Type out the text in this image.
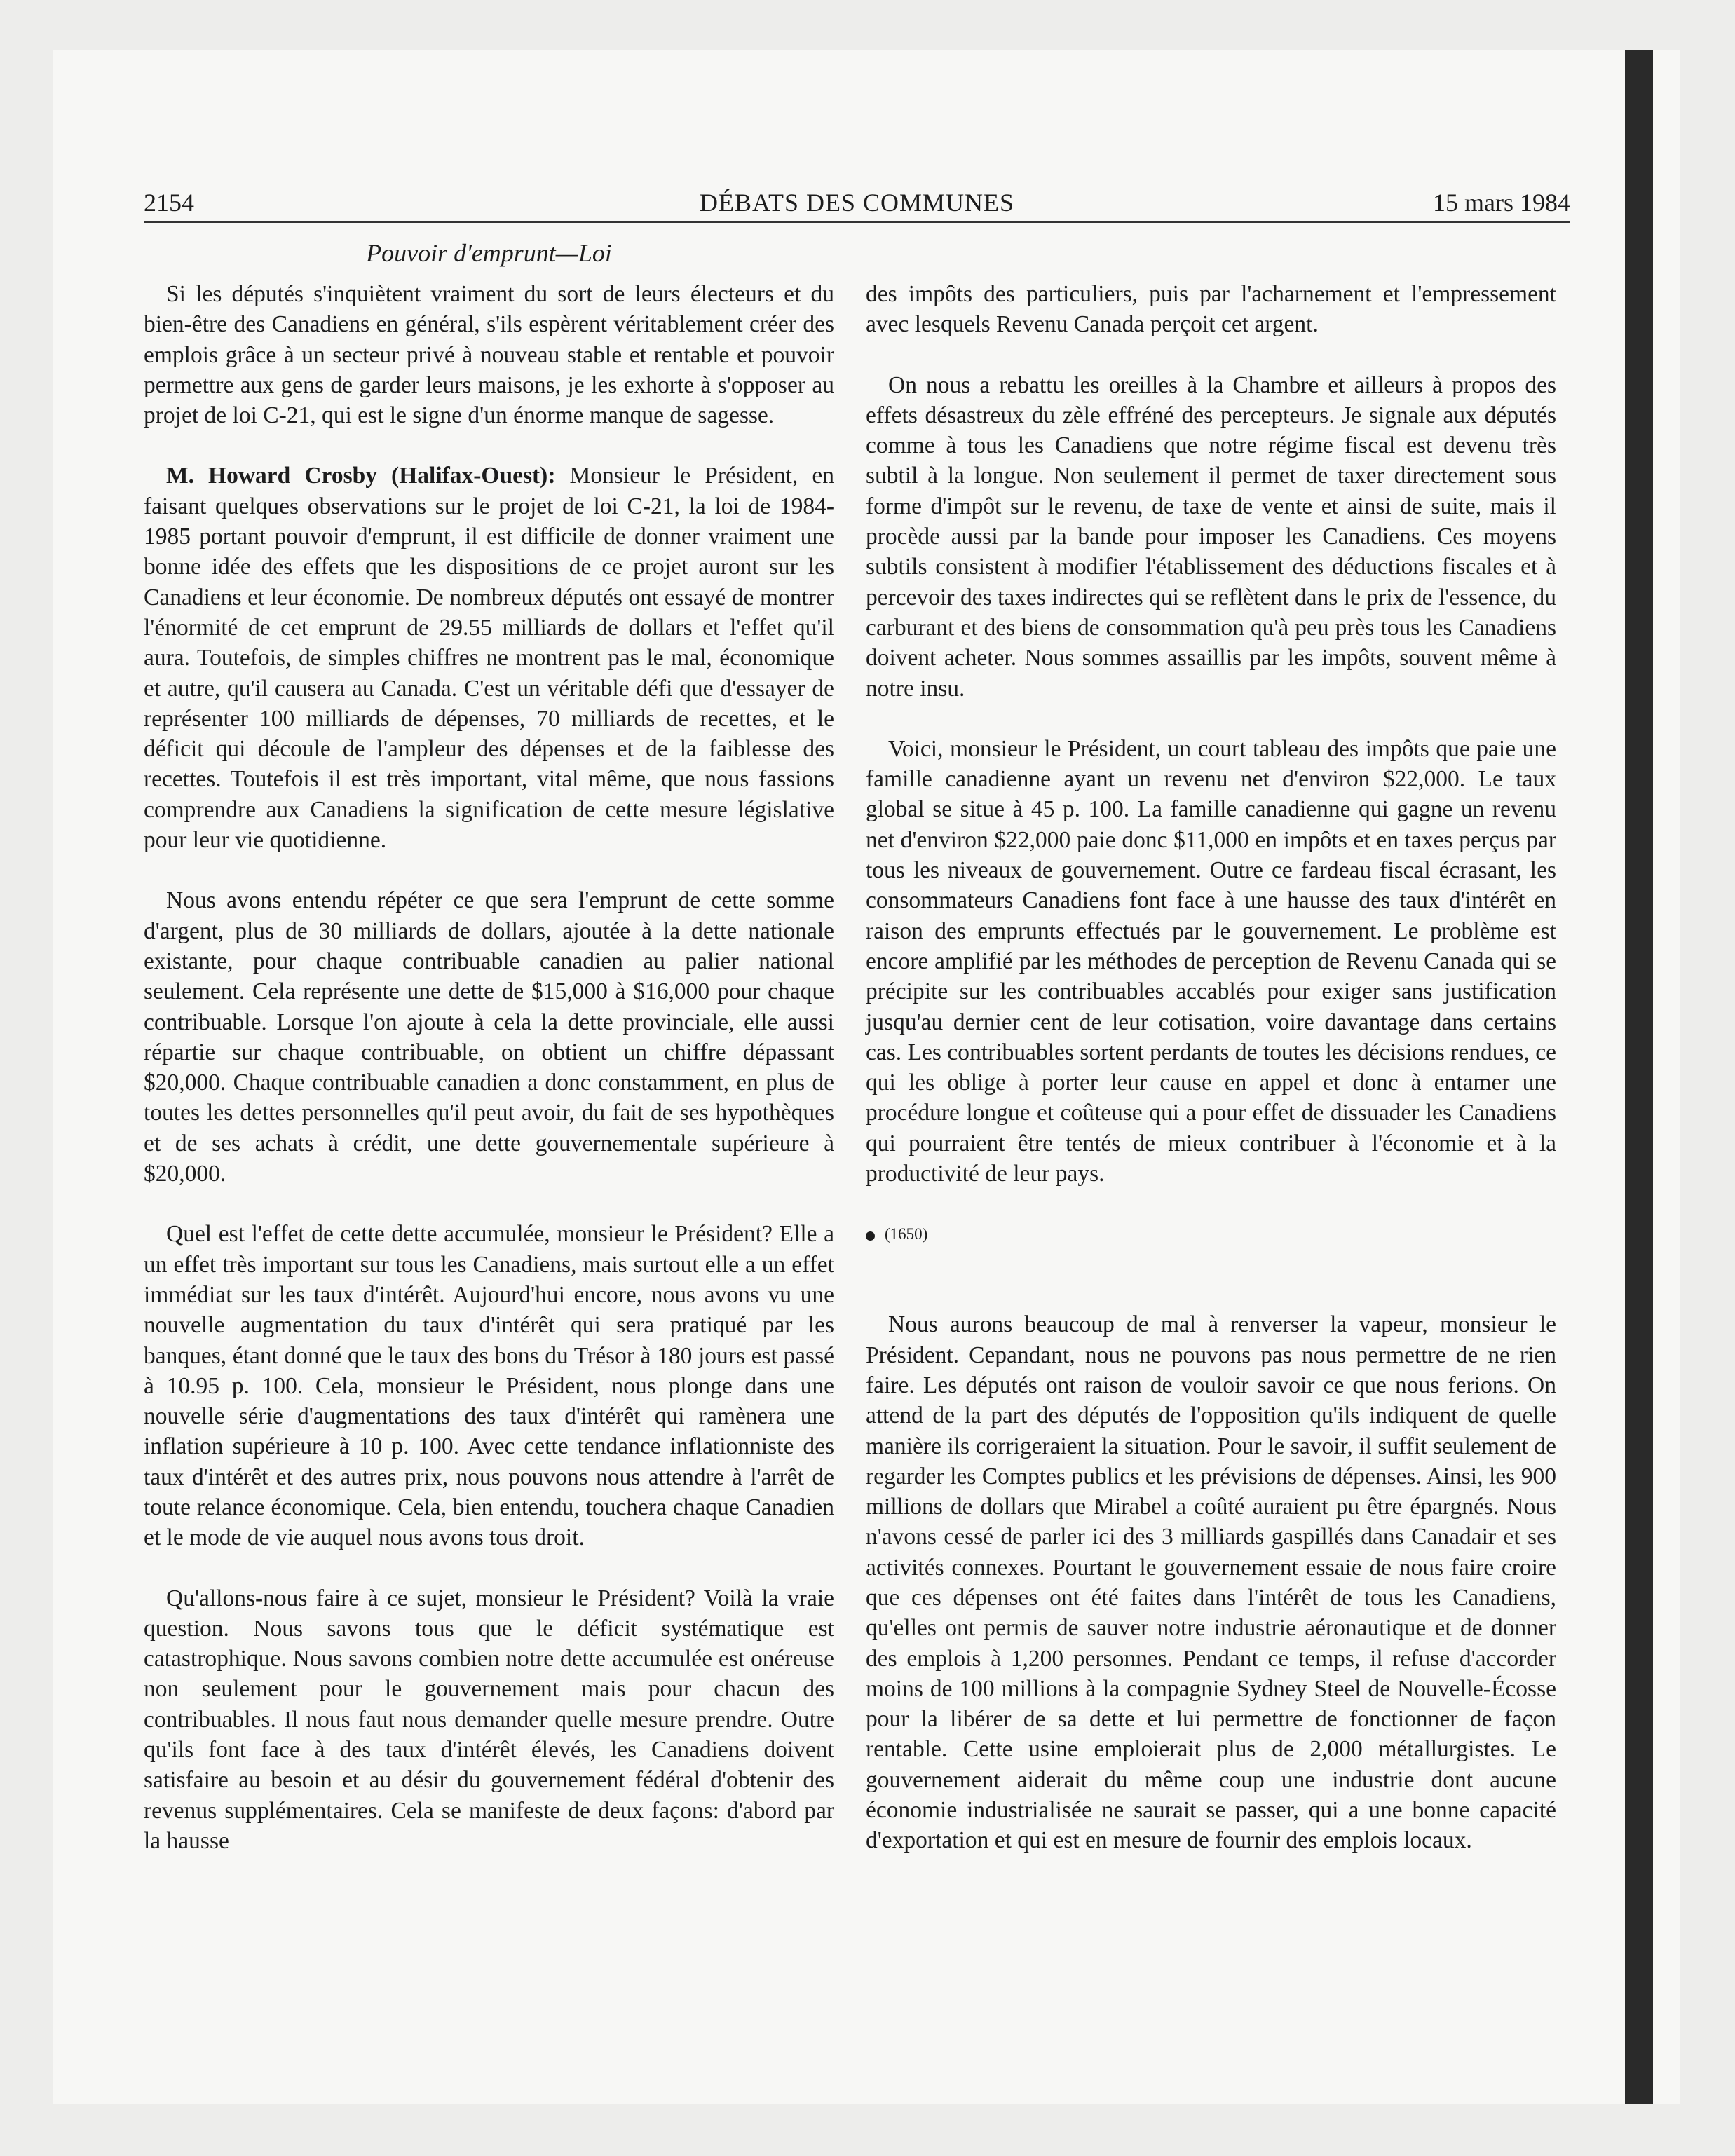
2154	DÉBATS DES COMMUNES	15 mars 1984
Pouvoir d'emprunt—Loi

Si les députés s'inquiètent vraiment du sort de leurs électeurs et du bien-être des Canadiens en général, s'ils espèrent véritablement créer des emplois grâce à un secteur privé à nouveau stable et rentable et pouvoir permettre aux gens de garder leurs maisons, je les exhorte à s'opposer au projet de loi C-21, qui est le signe d'un énorme manque de sagesse.

M. Howard Crosby (Halifax-Ouest): Monsieur le Président, en faisant quelques observations sur le projet de loi C-21, la loi de 1984-1985 portant pouvoir d'emprunt, il est difficile de donner vraiment une bonne idée des effets que les dispositions de ce projet auront sur les Canadiens et leur économie. De nombreux députés ont essayé de montrer l'énormité de cet emprunt de 29.55 milliards de dollars et l'effet qu'il aura. Toutefois, de simples chiffres ne montrent pas le mal, économique et autre, qu'il causera au Canada. C'est un véritable défi que d'essayer de représenter 100 milliards de dépenses, 70 milliards de recettes, et le déficit qui découle de l'ampleur des dépenses et de la faiblesse des recettes. Toutefois il est très important, vital même, que nous fassions comprendre aux Canadiens la signification de cette mesure législative pour leur vie quotidienne.

Nous avons entendu répéter ce que sera l'emprunt de cette somme d'argent, plus de 30 milliards de dollars, ajoutée à la dette nationale existante, pour chaque contribuable canadien au palier national seulement. Cela représente une dette de $15,000 à $16,000 pour chaque contribuable. Lorsque l'on ajoute à cela la dette provinciale, elle aussi répartie sur chaque contribuable, on obtient un chiffre dépassant $20,000. Chaque contribuable canadien a donc constamment, en plus de toutes les dettes personnelles qu'il peut avoir, du fait de ses hypothèques et de ses achats à crédit, une dette gouvernementale supérieure à $20,000.

Quel est l'effet de cette dette accumulée, monsieur le Président? Elle a un effet très important sur tous les Canadiens, mais surtout elle a un effet immédiat sur les taux d'intérêt. Aujourd'hui encore, nous avons vu une nouvelle augmentation du taux d'intérêt qui sera pratiqué par les banques, étant donné que le taux des bons du Trésor à 180 jours est passé à 10.95 p. 100. Cela, monsieur le Président, nous plonge dans une nouvelle série d'augmentations des taux d'intérêt qui ramènera une inflation supérieure à 10 p. 100. Avec cette tendance inflationniste des taux d'intérêt et des autres prix, nous pouvons nous attendre à l'arrêt de toute relance économique. Cela, bien entendu, touchera chaque Canadien et le mode de vie auquel nous avons tous droit.

Qu'allons-nous faire à ce sujet, monsieur le Président? Voilà la vraie question. Nous savons tous que le déficit systématique est catastrophique. Nous savons combien notre dette accumulée est onéreuse non seulement pour le gouvernement mais pour chacun des contribuables. Il nous faut nous demander quelle mesure prendre. Outre qu'ils font face à des taux d'intérêt élevés, les Canadiens doivent satisfaire au besoin et au désir du gouvernement fédéral d'obtenir des revenus supplémentaires. Cela se manifeste de deux façons: d'abord par la hausse

des impôts des particuliers, puis par l'acharnement et l'empressement avec lesquels Revenu Canada perçoit cet argent.

On nous a rebattu les oreilles à la Chambre et ailleurs à propos des effets désastreux du zèle effréné des percepteurs. Je signale aux députés comme à tous les Canadiens que notre régime fiscal est devenu très subtil à la longue. Non seulement il permet de taxer directement sous forme d'impôt sur le revenu, de taxe de vente et ainsi de suite, mais il procède aussi par la bande pour imposer les Canadiens. Ces moyens subtils consistent à modifier l'établissement des déductions fiscales et à percevoir des taxes indirectes qui se reflètent dans le prix de l'essence, du carburant et des biens de consommation qu'à peu près tous les Canadiens doivent acheter. Nous sommes assaillis par les impôts, souvent même à notre insu.

Voici, monsieur le Président, un court tableau des impôts que paie une famille canadienne ayant un revenu net d'environ $22,000. Le taux global se situe à 45 p. 100. La famille canadienne qui gagne un revenu net d'environ $22,000 paie donc $11,000 en impôts et en taxes perçus par tous les niveaux de gouvernement. Outre ce fardeau fiscal écrasant, les consommateurs Canadiens font face à une hausse des taux d'intérêt en raison des emprunts effectués par le gouvernement. Le problème est encore amplifié par les méthodes de perception de Revenu Canada qui se précipite sur les contribuables accablés pour exiger sans justification jusqu'au dernier cent de leur cotisation, voire davantage dans certains cas. Les contribuables sortent perdants de toutes les décisions rendues, ce qui les oblige à porter leur cause en appel et donc à entamer une procédure longue et coûteuse qui a pour effet de dissuader les Canadiens qui pourraient être tentés de mieux contribuer à l'économie et à la productivité de leur pays.

(1650)

Nous aurons beaucoup de mal à renverser la vapeur, monsieur le Président. Cepandant, nous ne pouvons pas nous permettre de ne rien faire. Les députés ont raison de vouloir savoir ce que nous ferions. On attend de la part des députés de l'opposition qu'ils indiquent de quelle manière ils corrigeraient la situation. Pour le savoir, il suffit seulement de regarder les Comptes publics et les prévisions de dépenses. Ainsi, les 900 millions de dollars que Mirabel a coûté auraient pu être épargnés. Nous n'avons cessé de parler ici des 3 milliards gaspillés dans Canadair et ses activités connexes. Pourtant le gouvernement essaie de nous faire croire que ces dépenses ont été faites dans l'intérêt de tous les Canadiens, qu'elles ont permis de sauver notre industrie aéronautique et de donner des emplois à 1,200 personnes. Pendant ce temps, il refuse d'accorder moins de 100 millions à la compagnie Sydney Steel de Nouvelle-Écosse pour la libérer de sa dette et lui permettre de fonctionner de façon rentable. Cette usine emploierait plus de 2,000 métallurgistes. Le gouvernement aiderait du même coup une industrie dont aucune économie industrialisée ne saurait se passer, qui a une bonne capacité d'exportation et qui est en mesure de fournir des emplois locaux.
